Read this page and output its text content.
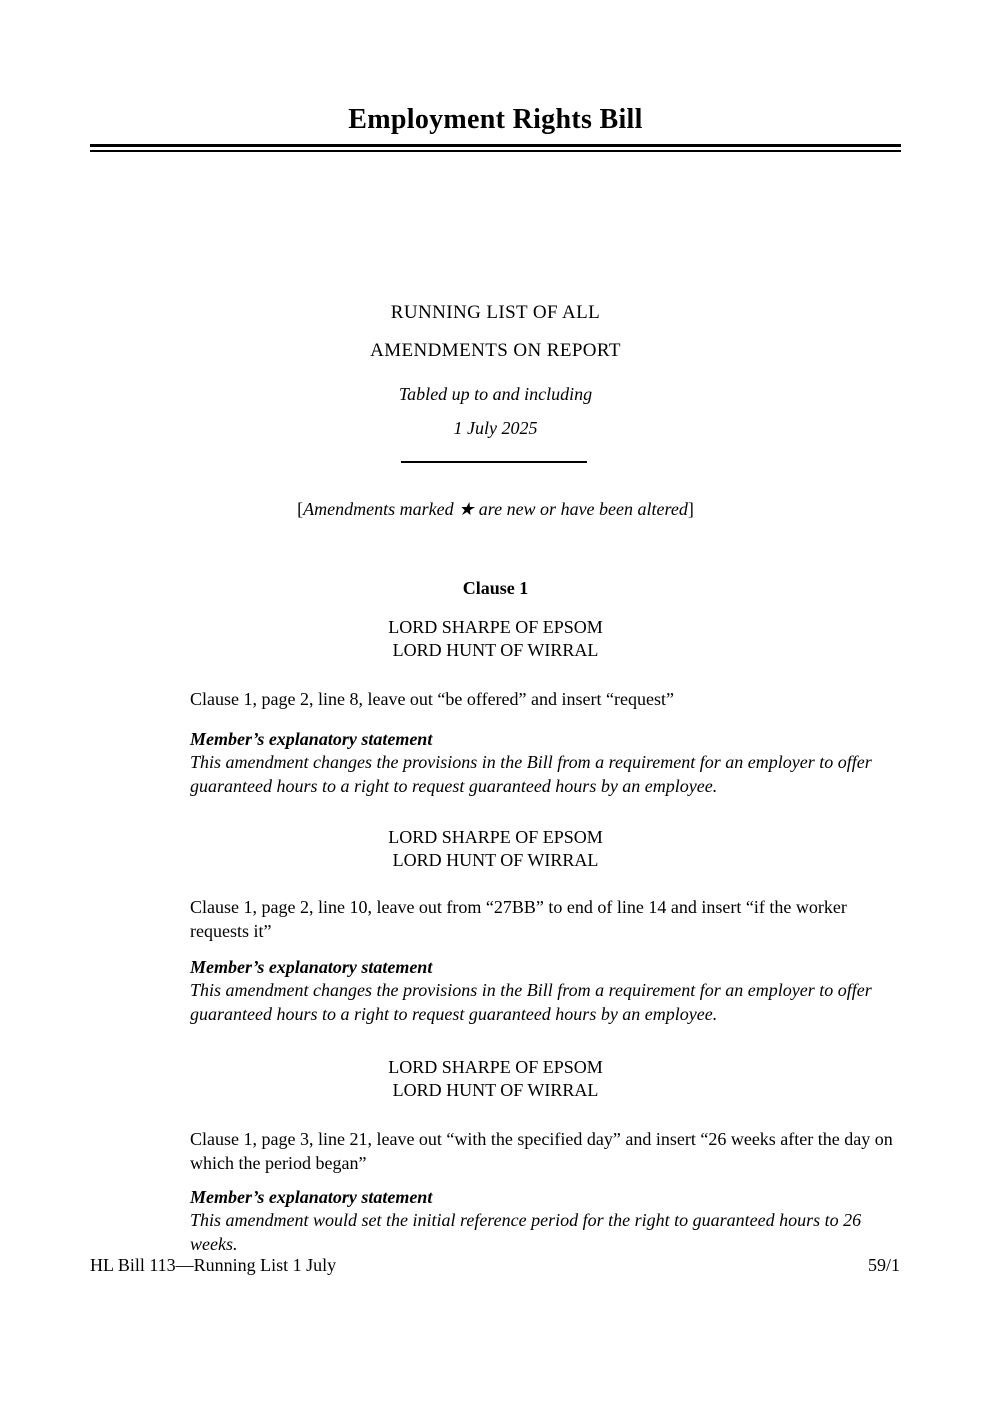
Employment Rights Bill
RUNNING LIST OF ALL
AMENDMENTS ON REPORT
Tabled up to and including
1 July 2025
[Amendments marked ★ are new or have been altered]
Clause 1
LORD SHARPE OF EPSOM
LORD HUNT OF WIRRAL
Clause 1, page 2, line 8, leave out “be offered” and insert “request”
Member’s explanatory statement
This amendment changes the provisions in the Bill from a requirement for an employer to offer guaranteed hours to a right to request guaranteed hours by an employee.
LORD SHARPE OF EPSOM
LORD HUNT OF WIRRAL
Clause 1, page 2, line 10, leave out from “27BB” to end of line 14 and insert “if the worker requests it”
Member’s explanatory statement
This amendment changes the provisions in the Bill from a requirement for an employer to offer guaranteed hours to a right to request guaranteed hours by an employee.
LORD SHARPE OF EPSOM
LORD HUNT OF WIRRAL
Clause 1, page 3, line 21, leave out “with the specified day” and insert “26 weeks after the day on which the period began”
Member’s explanatory statement
This amendment would set the initial reference period for the right to guaranteed hours to 26 weeks.
HL Bill 113—Running List 1 July	59/1
